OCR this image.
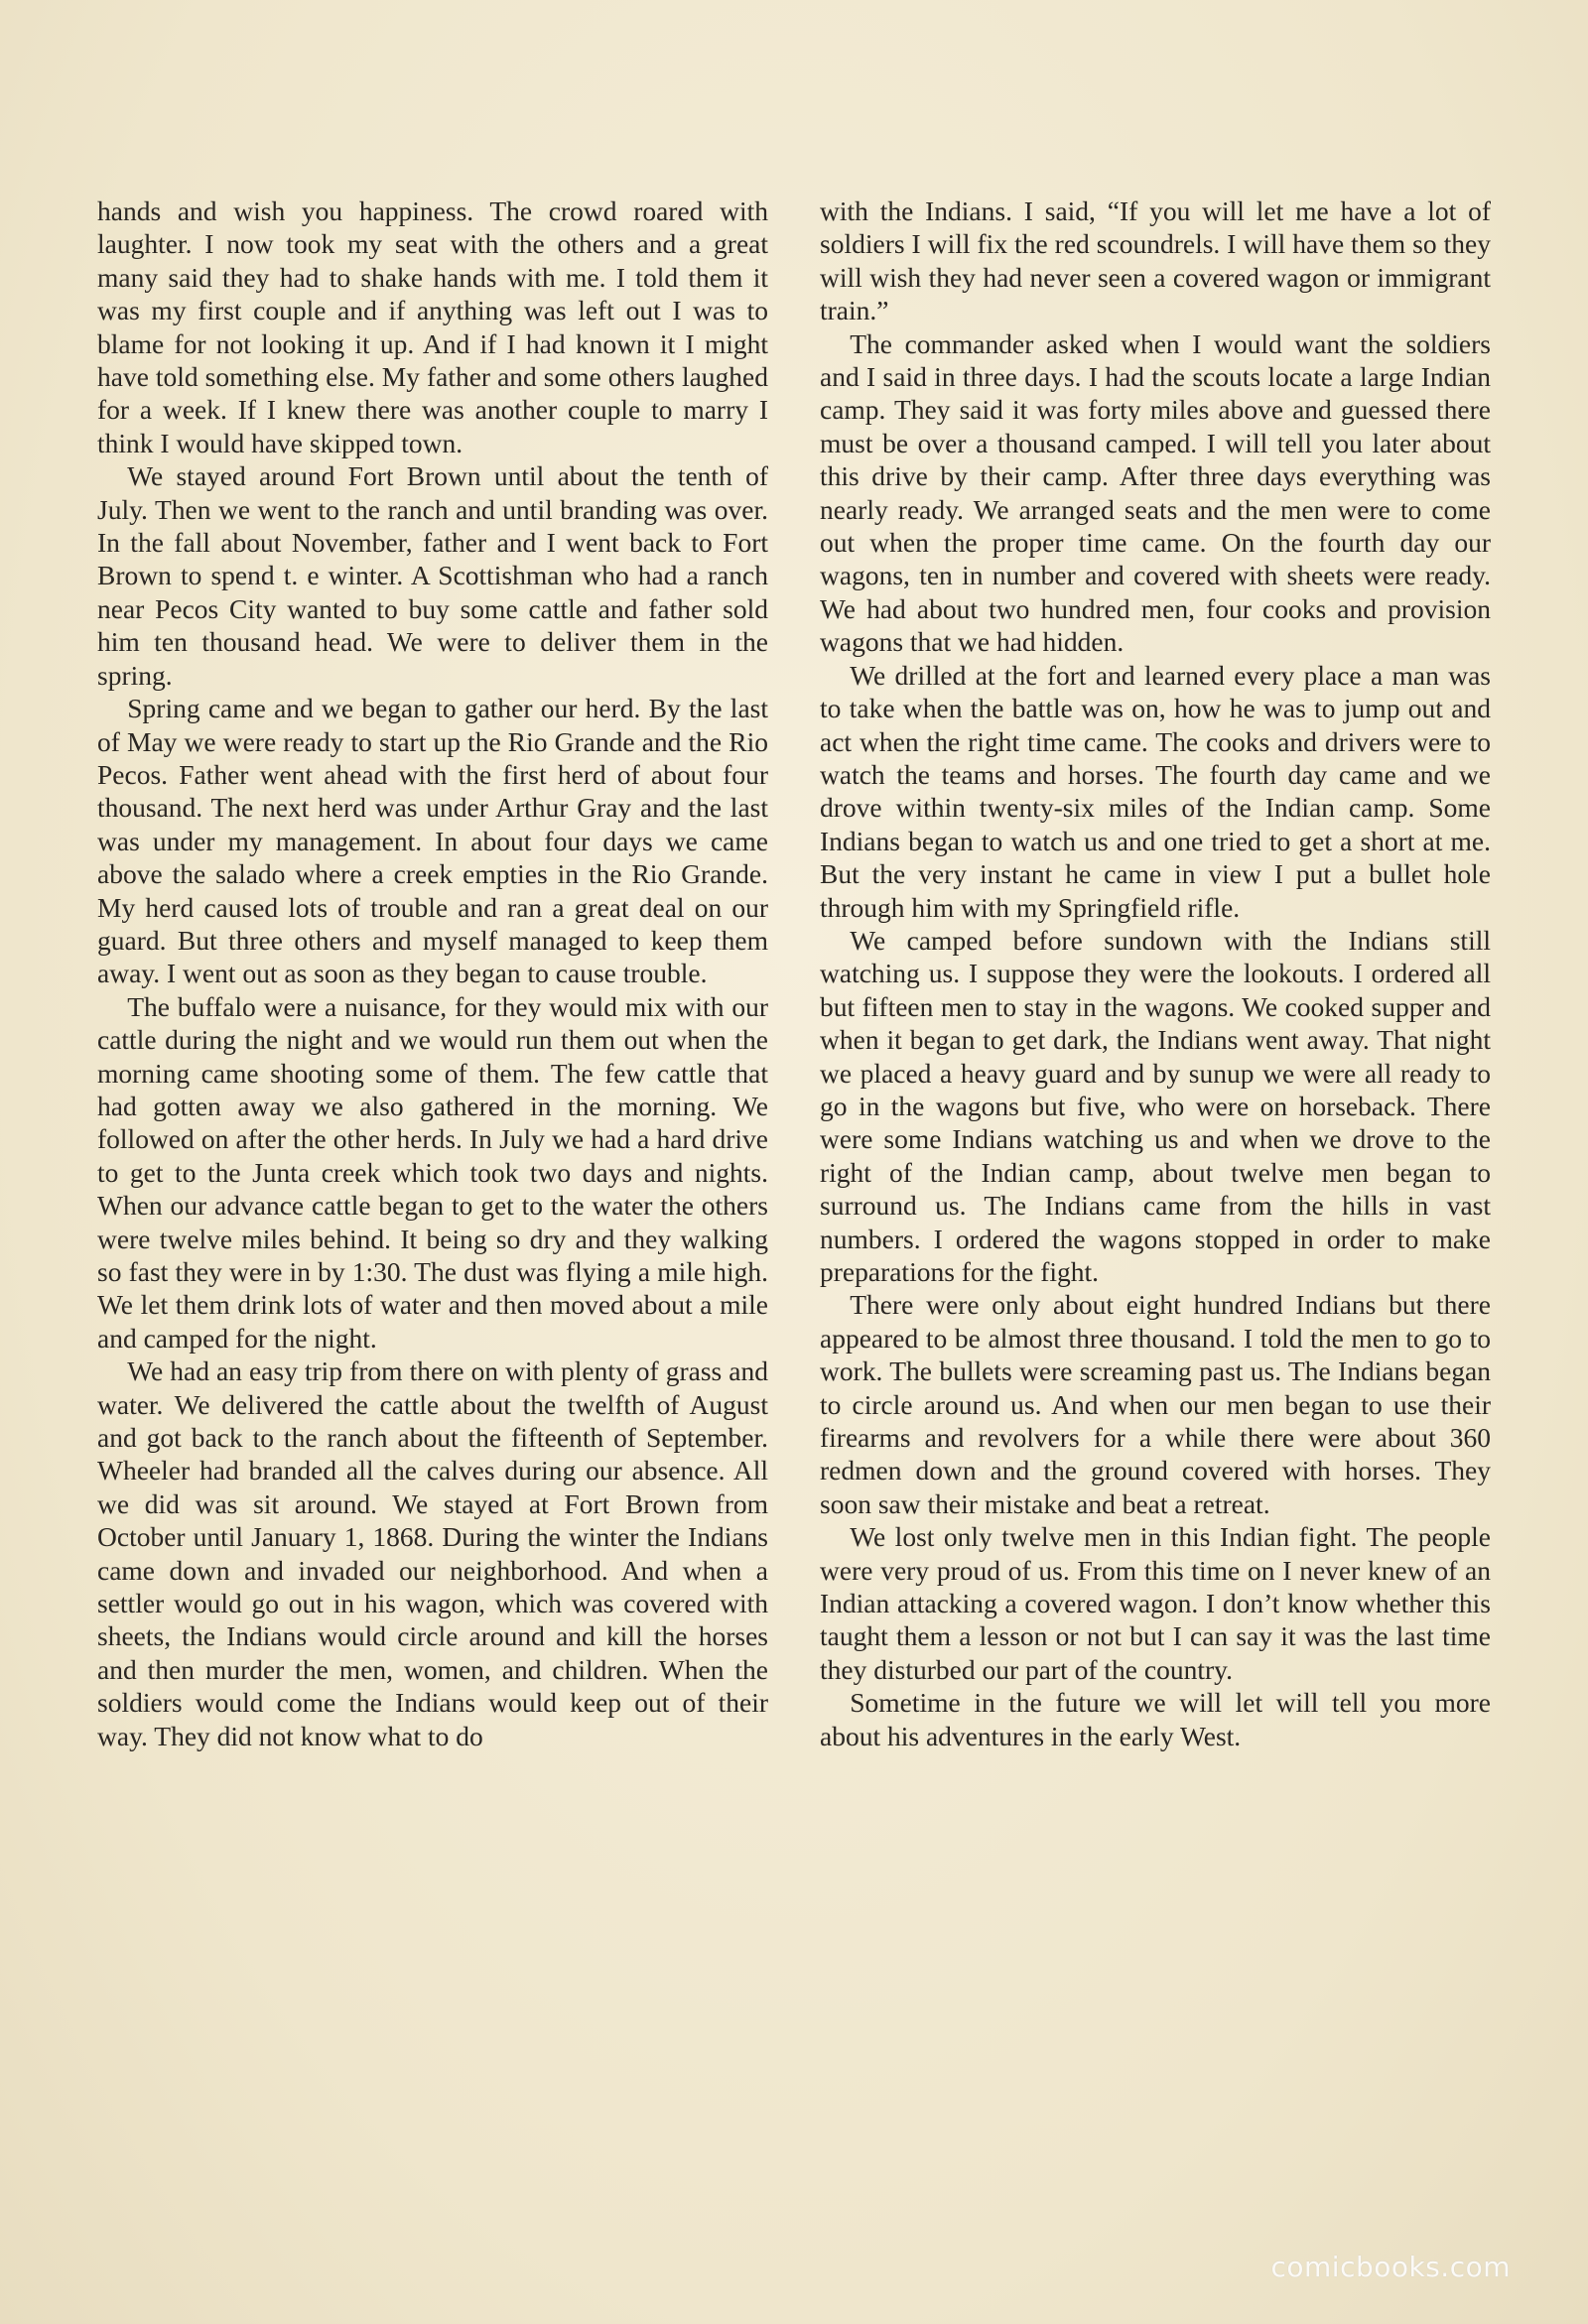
hands and wish you happiness. The crowd roared with laughter. I now took my seat with the others and a great many said they had to shake hands with me. I told them it was my first couple and if anything was left out I was to blame for not looking it up. And if I had known it I might have told something else. My father and some others laughed for a week. If I knew there was another couple to marry I think I would have skipped town.

We stayed around Fort Brown until about the tenth of July. Then we went to the ranch and until branding was over. In the fall about November, father and I went back to Fort Brown to spend t. e winter. A Scottishman who had a ranch near Pecos City wanted to buy some cattle and father sold him ten thousand head. We were to deliver them in the spring.

Spring came and we began to gather our herd. By the last of May we were ready to start up the Rio Grande and the Rio Pecos. Father went ahead with the first herd of about four thousand. The next herd was under Arthur Gray and the last was under my management. In about four days we came above the salado where a creek empties in the Rio Grande. My herd caused lots of trouble and ran a great deal on our guard. But three others and myself managed to keep them away. I went out as soon as they began to cause trouble.

The buffalo were a nuisance, for they would mix with our cattle during the night and we would run them out when the morning came shooting some of them. The few cattle that had gotten away we also gathered in the morning. We followed on after the other herds. In July we had a hard drive to get to the Junta creek which took two days and nights. When our advance cattle began to get to the water the others were twelve miles behind. It being so dry and they walking so fast they were in by 1:30. The dust was flying a mile high. We let them drink lots of water and then moved about a mile and camped for the night.

We had an easy trip from there on with plenty of grass and water. We delivered the cattle about the twelfth of August and got back to the ranch about the fifteenth of September. Wheeler had branded all the calves during our absence. All we did was sit around. We stayed at Fort Brown from October until January 1, 1868. During the winter the Indians came down and invaded our neighborhood. And when a settler would go out in his wagon, which was covered with sheets, the Indians would circle around and kill the horses and then murder the men, women, and children. When the soldiers would come the Indians would keep out of their way. They did not know what to do

with the Indians. I said, “If you will let me have a lot of soldiers I will fix the red scoundrels. I will have them so they will wish they had never seen a covered wagon or immigrant train.”

The commander asked when I would want the soldiers and I said in three days. I had the scouts locate a large Indian camp. They said it was forty miles above and guessed there must be over a thousand camped. I will tell you later about this drive by their camp. After three days everything was nearly ready. We arranged seats and the men were to come out when the proper time came. On the fourth day our wagons, ten in number and covered with sheets were ready. We had about two hundred men, four cooks and provision wagons that we had hidden.

We drilled at the fort and learned every place a man was to take when the battle was on, how he was to jump out and act when the right time came. The cooks and drivers were to watch the teams and horses. The fourth day came and we drove within twenty-six miles of the Indian camp. Some Indians began to watch us and one tried to get a short at me. But the very instant he came in view I put a bullet hole through him with my Springfield rifle.

We camped before sundown with the Indians still watching us. I suppose they were the lookouts. I ordered all but fifteen men to stay in the wagons. We cooked supper and when it began to get dark, the Indians went away. That night we placed a heavy guard and by sunup we were all ready to go in the wagons but five, who were on horseback. There were some Indians watching us and when we drove to the right of the Indian camp, about twelve men began to surround us. The Indians came from the hills in vast numbers. I ordered the wagons stopped in order to make preparations for the fight.

There were only about eight hundred Indians but there appeared to be almost three thousand. I told the men to go to work. The bullets were screaming past us. The Indians began to circle around us. And when our men began to use their firearms and revolvers for a while there were about 360 redmen down and the ground covered with horses. They soon saw their mistake and beat a retreat.

We lost only twelve men in this Indian fight. The people were very proud of us. From this time on I never knew of an Indian attacking a covered wagon. I don’t know whether this taught them a lesson or not but I can say it was the last time they disturbed our part of the country.

Sometime in the future we will let will tell you more about his adventures in the early West.

comicbooks.com
